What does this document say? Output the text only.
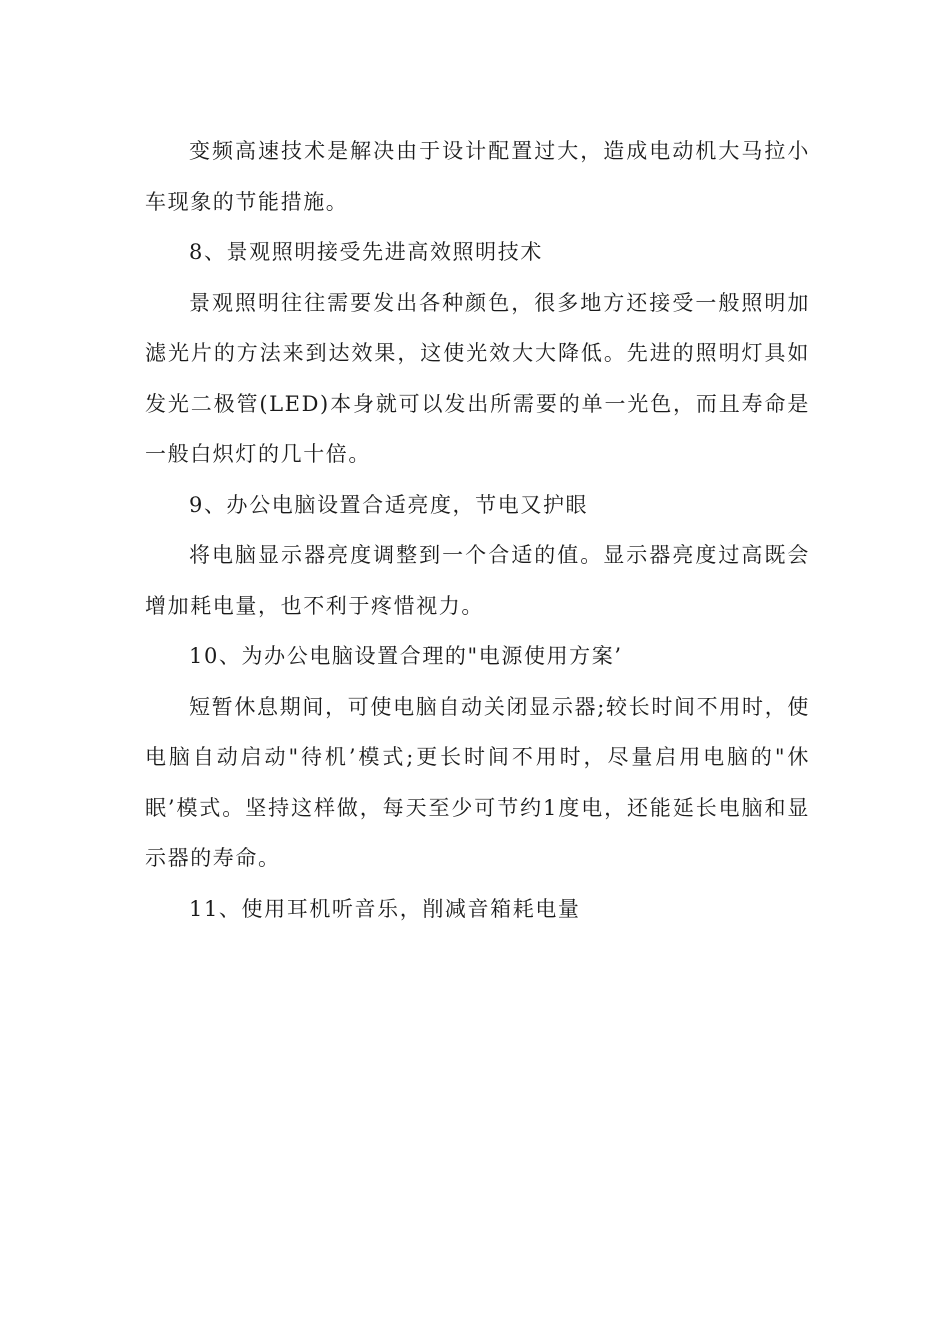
变频高速技术是解决由于设计配置过大，造成电动机大马拉小车现象的节能措施。

8、景观照明接受先进高效照明技术

景观照明往往需要发出各种颜色，很多地方还接受一般照明加滤光片的方法来到达效果，这使光效大大降低。先进的照明灯具如发光二极管(LED)本身就可以发出所需要的单一光色，而且寿命是一般白炽灯的几十倍。

9、办公电脑设置合适亮度，节电又护眼

将电脑显示器亮度调整到一个合适的值。显示器亮度过高既会增加耗电量，也不利于疼惜视力。

10、为办公电脑设置合理的"电源使用方案’

短暂休息期间，可使电脑自动关闭显示器;较长时间不用时，使电脑自动启动"待机’模式;更长时间不用时，尽量启用电脑的"休眠’模式。坚持这样做，每天至少可节约1度电，还能延长电脑和显示器的寿命。

11、使用耳机听音乐，削减音箱耗电量
